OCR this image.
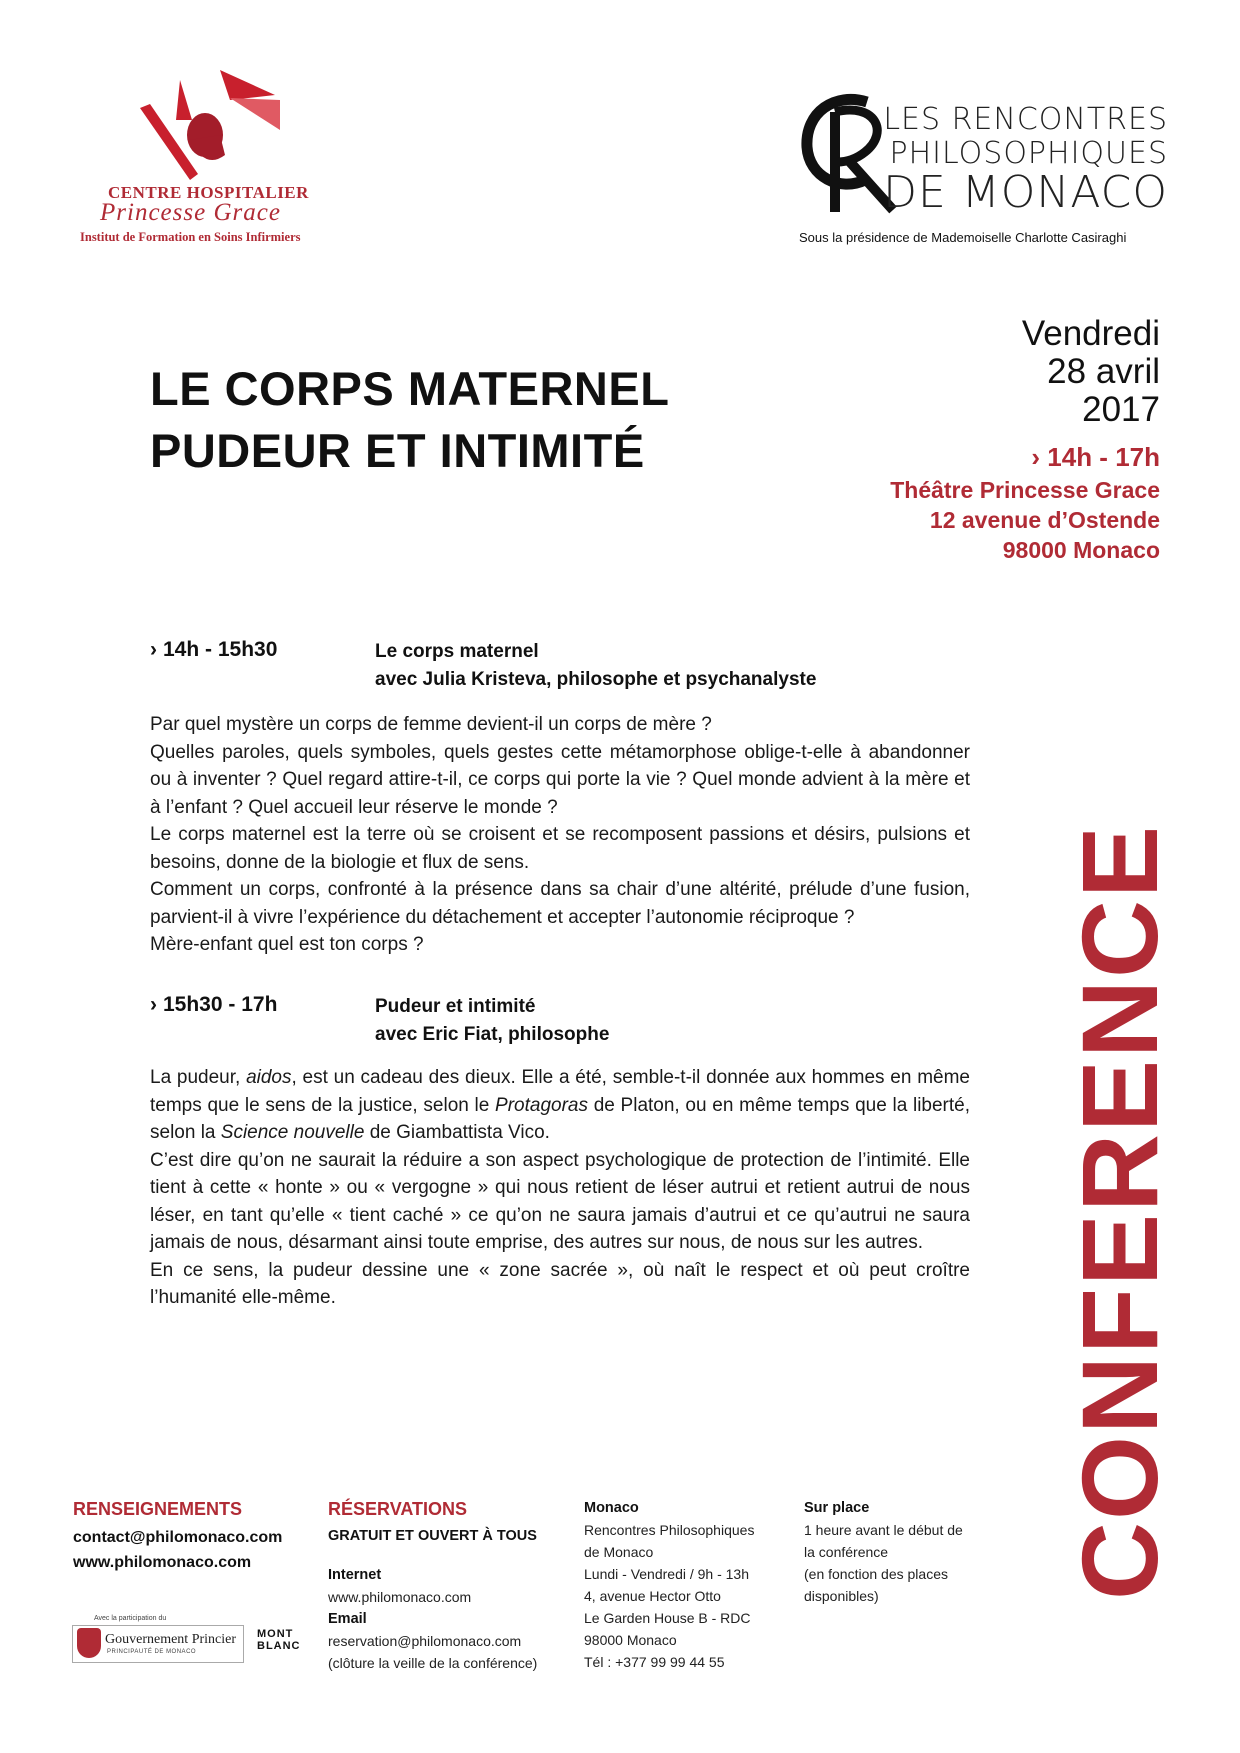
CENTRE HOSPITALIER
Princesse Grace
Institut de Formation en Soins Infirmiers
LES RENCONTRES
PHILOSOPHIQUES
DE MONACO
Sous la présidence de Mademoiselle Charlotte Casiraghi
LE CORPS MATERNEL
PUDEUR ET INTIMITÉ
Vendredi
28 avril
2017
› 14h - 17h
Théâtre Princesse Grace
12 avenue d’Ostende
98000 Monaco
› 14h - 15h30	Le corps maternel
avec Julia Kristeva, philosophe et psychanalyste

Par quel mystère un corps de femme devient-il un corps de mère ?

Quelles paroles, quels symboles, quels gestes cette métamorphose oblige-t-elle à abandonner ou à inventer ? Quel regard attire-t-il, ce corps qui porte la vie ? Quel monde advient à la mère et à l’enfant ? Quel accueil leur réserve le monde ?

Le corps maternel est la terre où se croisent et se recomposent passions et désirs, pulsions et besoins, donne de la biologie et flux de sens.

Comment un corps, confronté à la présence dans sa chair d’une altérité, prélude d’une fusion, parvient-il à vivre l’expérience du détachement et accepter l’autonomie réciproque ?

Mère-enfant quel est ton corps ?

› 15h30 - 17h	Pudeur et intimité
avec Eric Fiat, philosophe

La pudeur, aidos, est un cadeau des dieux. Elle a été, semble-t-il donnée aux hommes en même temps que le sens de la justice, selon le Protagoras de Platon, ou en même temps que la liberté, selon la Science nouvelle de Giambattista Vico.

C’est dire qu’on ne saurait la réduire a son aspect psychologique de protection de l’intimité. Elle tient à cette « honte » ou « vergogne » qui nous retient de léser autrui et retient autrui de nous léser, en tant qu’elle « tient caché » ce qu’on ne saura jamais d’autrui et ce qu’autrui ne saura jamais de nous, désarmant ainsi toute emprise, des autres sur nous, de nous sur les autres.

En ce sens, la pudeur dessine une « zone sacrée », où naît le respect et où peut croître l’humanité elle-même.	CONFERENCE
RENSEIGNEMENTS
contact@philomonaco.com
www.philomonaco.com
RÉSERVATIONS
GRATUIT ET OUVERT À TOUS
Internet
www.philomonaco.com
Email
reservation@philomonaco.com
(clôture la veille de la conférence)
Monaco
Rencontres Philosophiques
de Monaco
Lundi - Vendredi / 9h - 13h
4, avenue Hector Otto
Le Garden House B - RDC
98000 Monaco
Tél : +377 99 99 44 55
Sur place
1 heure avant le début de
la conférence
(en fonction des places
disponibles)
Avec la participation du
Gouvernement Princier
PRINCIPAUTÉ DE MONACO
MONT
BLANC
